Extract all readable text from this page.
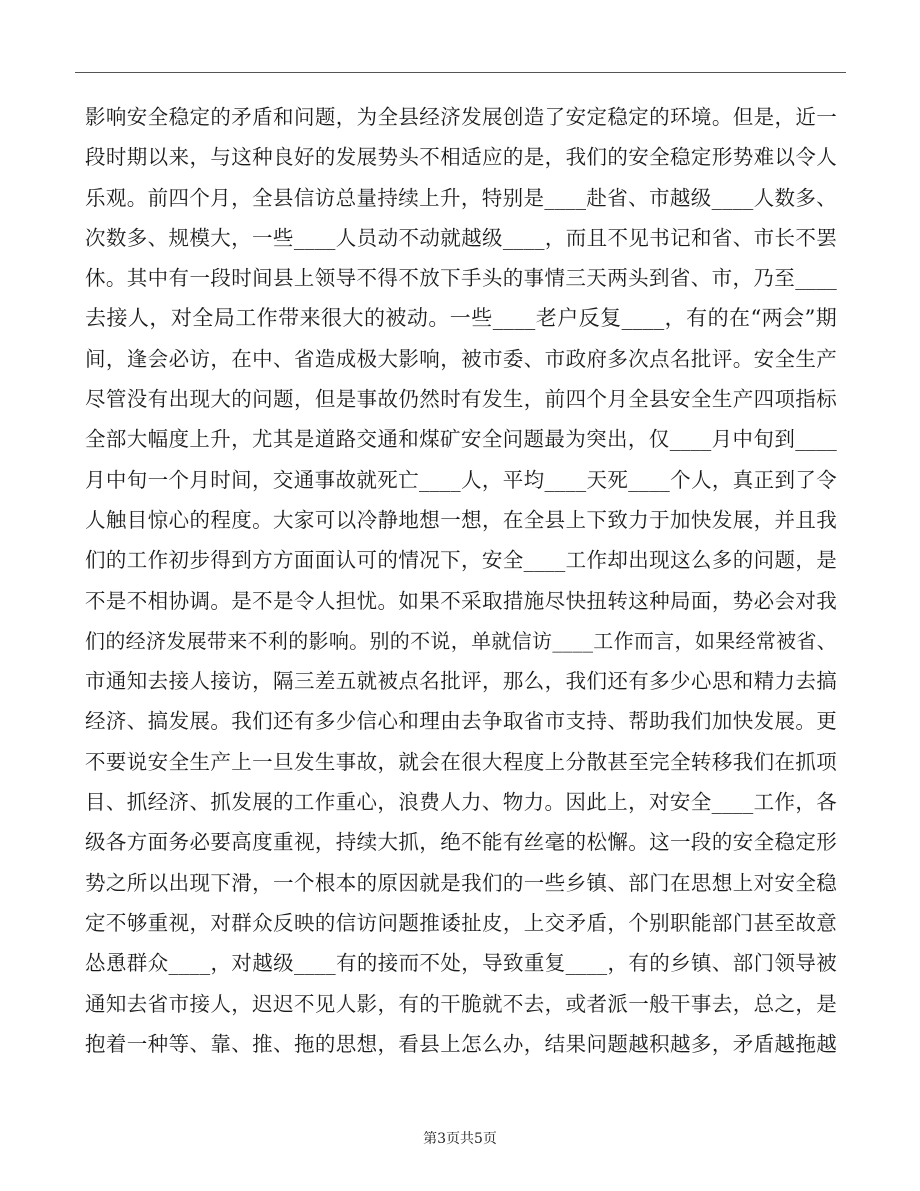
影响安全稳定的矛盾和问题，为全县经济发展创造了安定稳定的环境。但是，近一
段时期以来，与这种良好的发展势头不相适应的是，我们的安全稳定形势难以令人
乐观。前四个月，全县信访总量持续上升，特别是____赴省、市越级____人数多、
次数多、规模大，一些____人员动不动就越级____，而且不见书记和省、市长不罢
休。其中有一段时间县上领导不得不放下手头的事情三天两头到省、市，乃至____
去接人，对全局工作带来很大的被动。一些____老户反复____，有的在“两会”期
间，逢会必访，在中、省造成极大影响，被市委、市政府多次点名批评。安全生产
尽管没有出现大的问题，但是事故仍然时有发生，前四个月全县安全生产四项指标
全部大幅度上升，尤其是道路交通和煤矿安全问题最为突出，仅____月中旬到____
月中旬一个月时间，交通事故就死亡____人，平均____天死____个人，真正到了令
人触目惊心的程度。大家可以冷静地想一想，在全县上下致力于加快发展，并且我
们的工作初步得到方方面面认可的情况下，安全____工作却出现这么多的问题，是
不是不相协调。是不是令人担忧。如果不采取措施尽快扭转这种局面，势必会对我
们的经济发展带来不利的影响。别的不说，单就信访____工作而言，如果经常被省、
市通知去接人接访，隔三差五就被点名批评，那么，我们还有多少心思和精力去搞
经济、搞发展。我们还有多少信心和理由去争取省市支持、帮助我们加快发展。更
不要说安全生产上一旦发生事故，就会在很大程度上分散甚至完全转移我们在抓项
目、抓经济、抓发展的工作重心，浪费人力、物力。因此上，对安全____工作，各
级各方面务必要高度重视，持续大抓，绝不能有丝毫的松懈。这一段的安全稳定形
势之所以出现下滑，一个根本的原因就是我们的一些乡镇、部门在思想上对安全稳
定不够重视，对群众反映的信访问题推诿扯皮，上交矛盾，个别职能部门甚至故意
怂恿群众____，对越级____有的接而不处，导致重复____，有的乡镇、部门领导被
通知去省市接人，迟迟不见人影，有的干脆就不去，或者派一般干事去，总之，是
抱着一种等、靠、推、拖的思想，看县上怎么办，结果问题越积越多，矛盾越拖越
第3页共5页
